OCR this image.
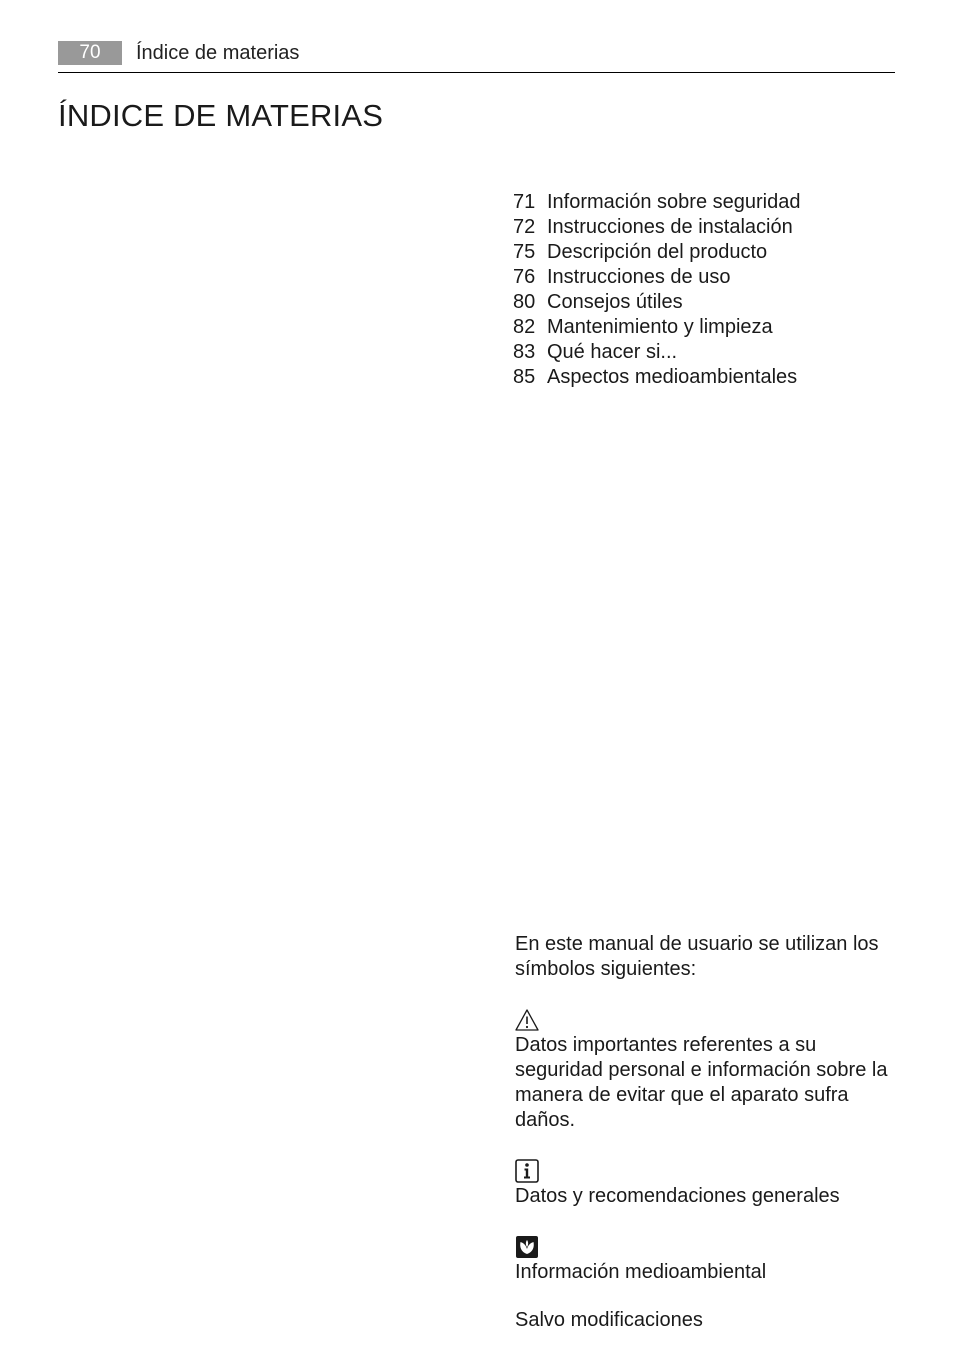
70	Índice de materias
ÍNDICE DE MATERIAS
71 Información sobre seguridad
72 Instrucciones de instalación
75 Descripción del producto
76 Instrucciones de uso
80 Consejos útiles
82 Mantenimiento y limpieza
83 Qué hacer si...
85 Aspectos medioambientales

En este manual de usuario se utilizan los símbolos siguientes:

Datos importantes referentes a su seguridad personal e información sobre la manera de evitar que el aparato sufra daños.

Datos y recomendaciones generales

Información medioambiental

Salvo modificaciones
